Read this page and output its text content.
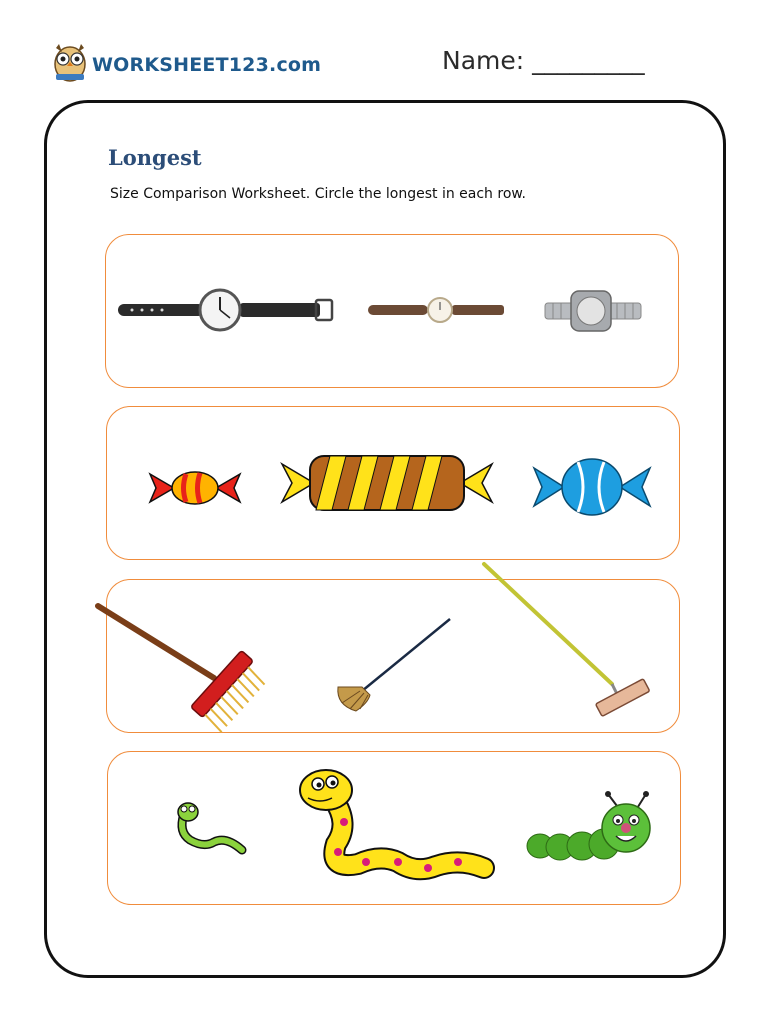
WORKSHEET123.com	Name: _________
Longest
Size Comparison Worksheet. Circle the longest in each row.
